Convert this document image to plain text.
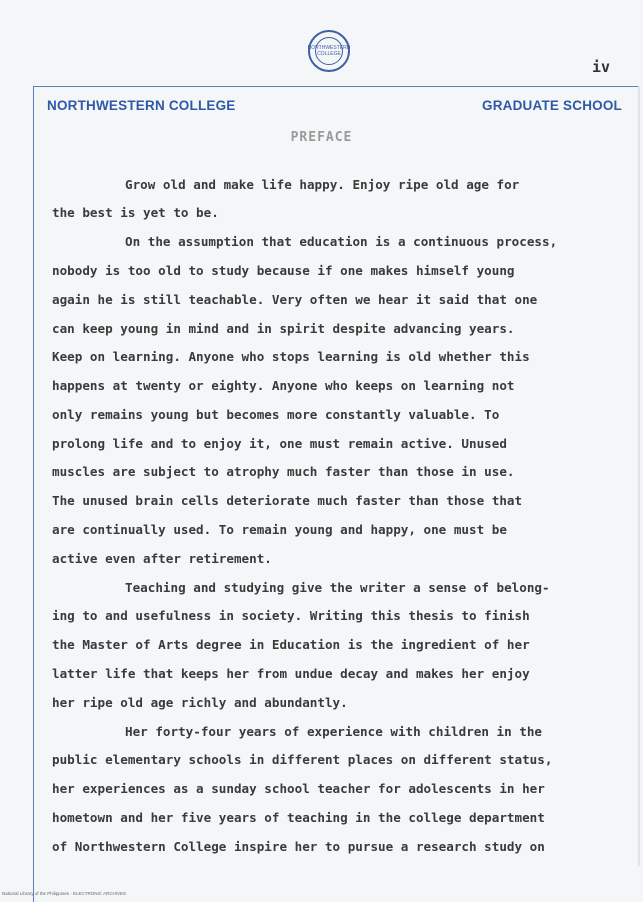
NORTHWESTERN COLLEGE
iv
NORTHWESTERN COLLEGE	GRADUATE SCHOOL
PREFACE
Grow old and make life happy. Enjoy ripe old age for
the best is yet to be.
On the assumption that education is a continuous process,
nobody is too old to study because if one makes himself young
again he is still teachable. Very often we hear it said that one
can keep young in mind and in spirit despite advancing years.
Keep on learning. Anyone who stops learning is old whether this
happens at twenty or eighty. Anyone who keeps on learning not
only remains young but becomes more constantly valuable. To
prolong life and to enjoy it, one must remain active. Unused
muscles are subject to atrophy much faster than those in use.
The unused brain cells deteriorate much faster than those that
are continually used. To remain young and happy, one must be
active even after retirement.
Teaching and studying give the writer a sense of belong-
ing to and usefulness in society. Writing this thesis to finish
the Master of Arts degree in Education is the ingredient of her
latter life that keeps her from undue decay and makes her enjoy
her ripe old age richly and abundantly.
Her forty-four years of experience with children in the
public elementary schools in different places on different status,
her experiences as a sunday school teacher for adolescents in her
hometown and her five years of teaching in the college department
of Northwestern College inspire her to pursue a research study on
National Library of the Philippines · ELECTRONIC ARCHIVES
